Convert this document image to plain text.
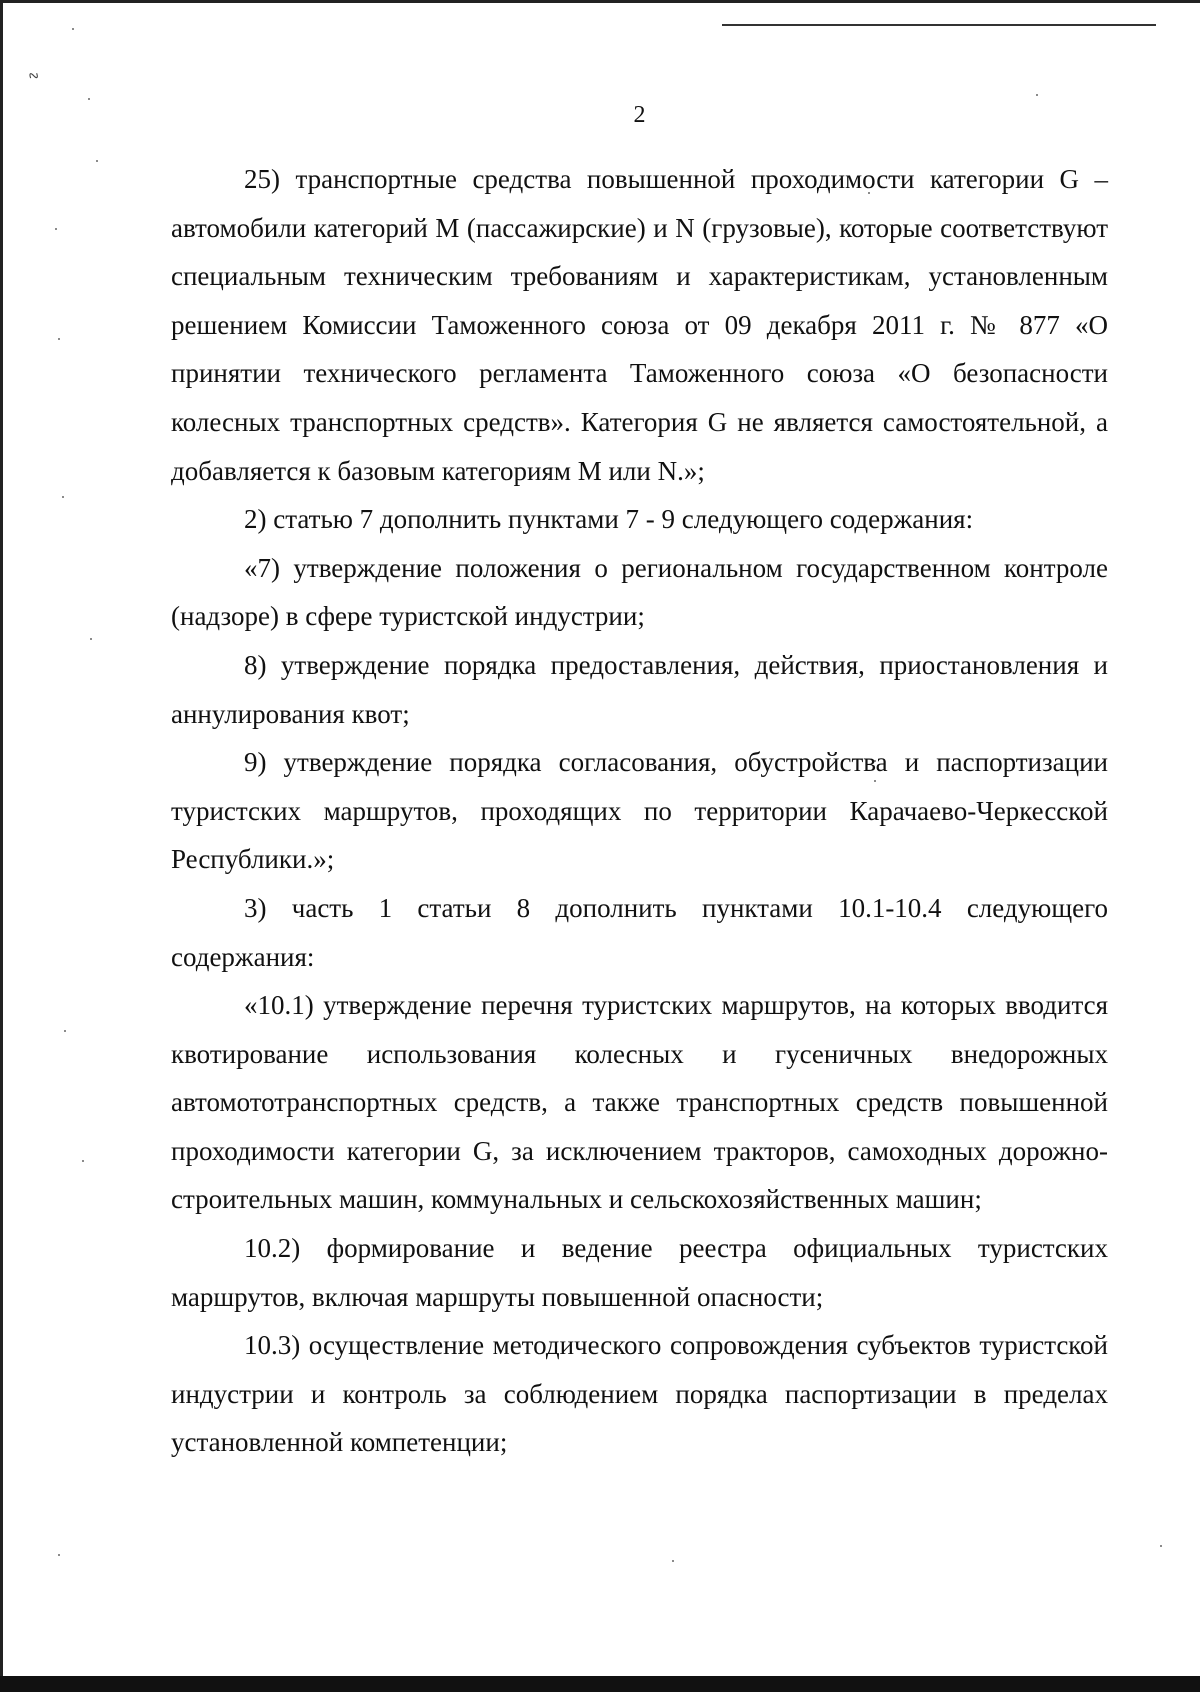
∿
2

25) транспортные средства повышенной проходимости категории G – автомобили категорий M (пассажирские) и N (грузовые), которые соответствуют специальным техническим требованиям и характеристикам, установленным решением Комиссии Таможенного союза от 09 декабря 2011 г. № 877 «О принятии технического регламента Таможенного союза «О безопасности колесных транспортных средств». Категория G не является самостоятельной, а добавляется к базовым категориям M или N.»;

2) статью 7 дополнить пунктами 7 - 9 следующего содержания:

«7) утверждение положения о региональном государственном контроле (надзоре) в сфере туристской индустрии;

8) утверждение порядка предоставления, действия, приостановления и аннулирования квот;

9) утверждение порядка согласования, обустройства и паспортизации туристских маршрутов, проходящих по территории Карачаево-Черкесской Республики.»;

3) часть 1 статьи 8 дополнить пунктами 10.1-10.4 следующего содержания:

«10.1) утверждение перечня туристских маршрутов, на которых вводится квотирование использования колесных и гусеничных внедорожных автомототранспортных средств, а также транспортных средств повышенной проходимости категории G, за исключением тракторов, самоходных дорожно-строительных машин, коммунальных и сельскохозяйственных машин;

10.2) формирование и ведение реестра официальных туристских маршрутов, включая маршруты повышенной опасности;

10.3) осуществление методического сопровождения субъектов туристской индустрии и контроль за соблюдением порядка паспортизации в пределах установленной компетенции;
